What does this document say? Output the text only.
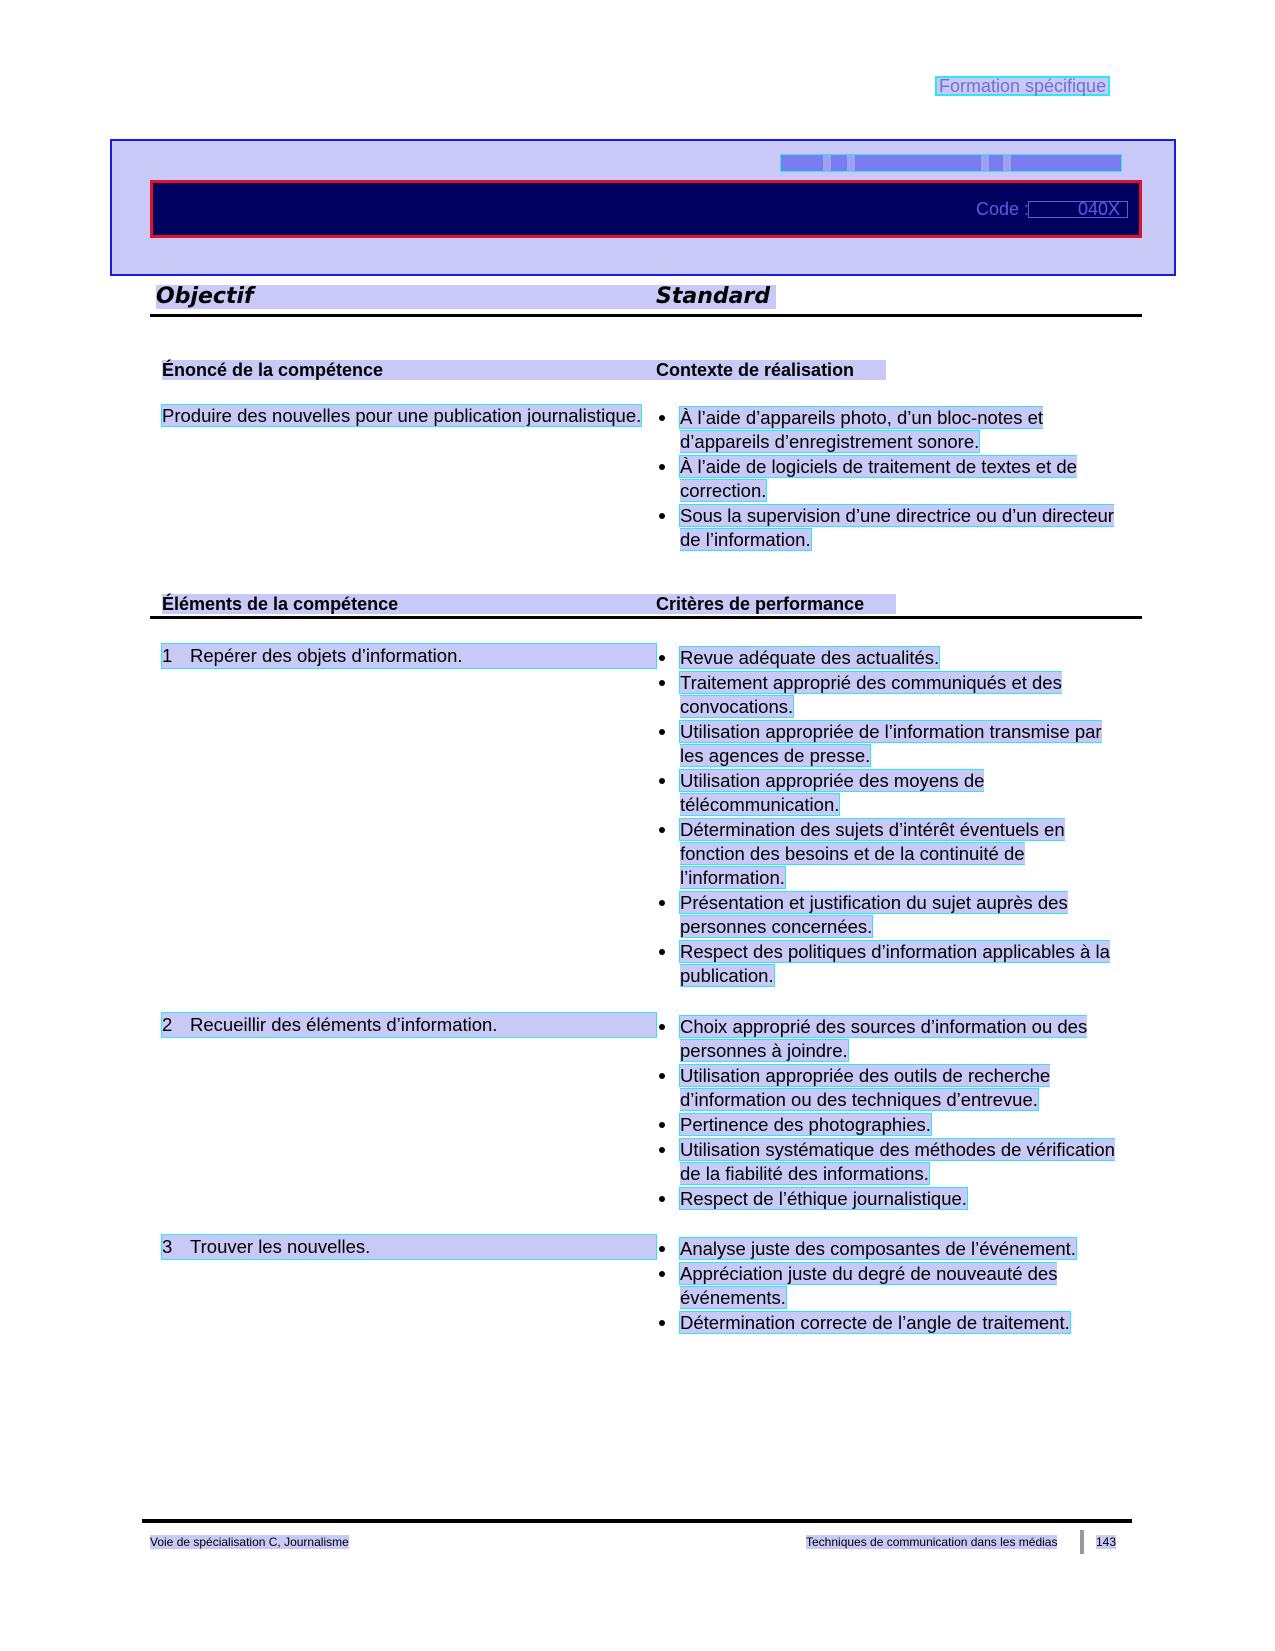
Formation spécifique
Code :	040X
Objectif	Standard
Énoncé de la compétence	Contexte de réalisation
Produire des nouvelles pour une publication journalistique.	À l’aide d’appareils photo, d’un bloc-notes et d’appareils d’enregistrement sonore.
À l’aide de logiciels de traitement de textes et de correction.
Sous la supervision d’une directrice ou d’un directeur de l’information.
Éléments de la compétence	Critères de performance
1 Repérer des objets d’information.	Revue adéquate des actualités.
Traitement approprié des communiqués et des convocations.
Utilisation appropriée de l’information transmise par les agences de presse.
Utilisation appropriée des moyens de télécommunication.
Détermination des sujets d’intérêt éventuels en fonction des besoins et de la continuité de l’information.
Présentation et justification du sujet auprès des personnes concernées.
Respect des politiques d’information applicables à la publication.
2 Recueillir des éléments d’information.	Choix approprié des sources d’information ou des personnes à joindre.
Utilisation appropriée des outils de recherche d’information ou des techniques d’entrevue.
Pertinence des photographies.
Utilisation systématique des méthodes de vérification de la fiabilité des informations.
Respect de l’éthique journalistique.
3 Trouver les nouvelles.	Analyse juste des composantes de l’événement.
Appréciation juste du degré de nouveauté des événements.
Détermination correcte de l’angle de traitement.
Voie de spécialisation C, Journalisme	Techniques de communication dans les médias	143
